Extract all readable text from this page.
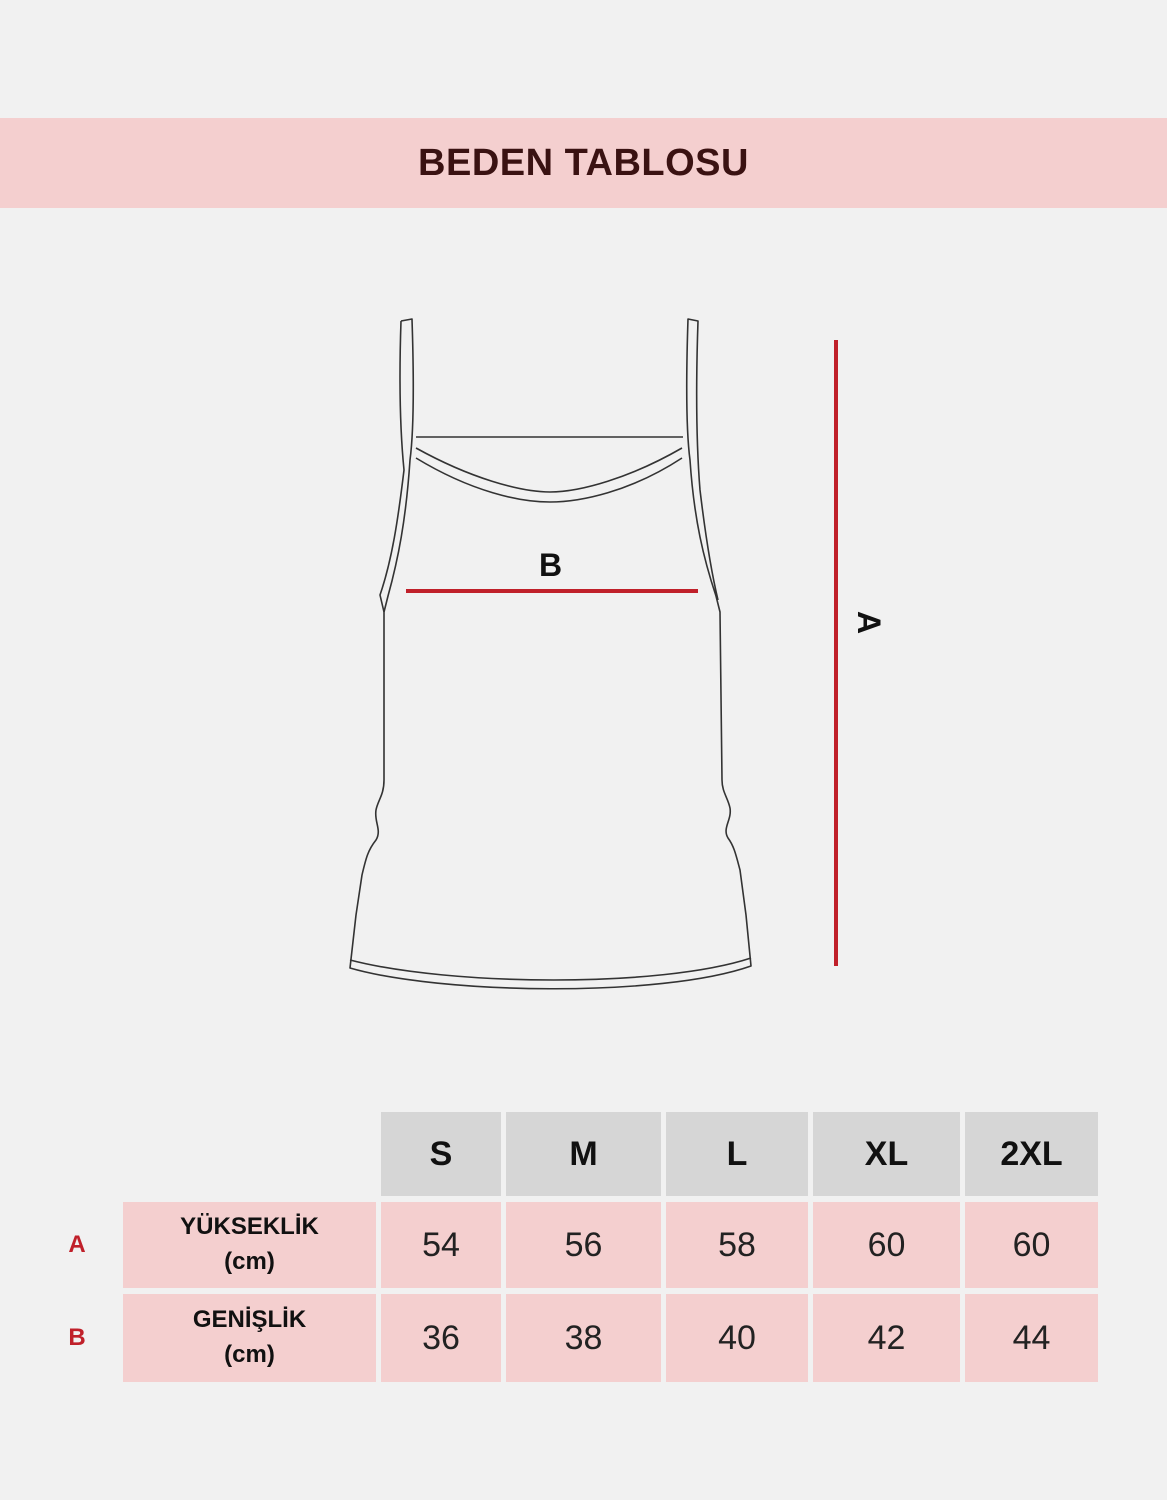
BEDEN TABLOSU
B
A
S	M	L	XL	2XL
A
YÜKSEKLİK
(cm)	54	56	58	60	60
B
GENİŞLİK
(cm)	36	38	40	42	44
